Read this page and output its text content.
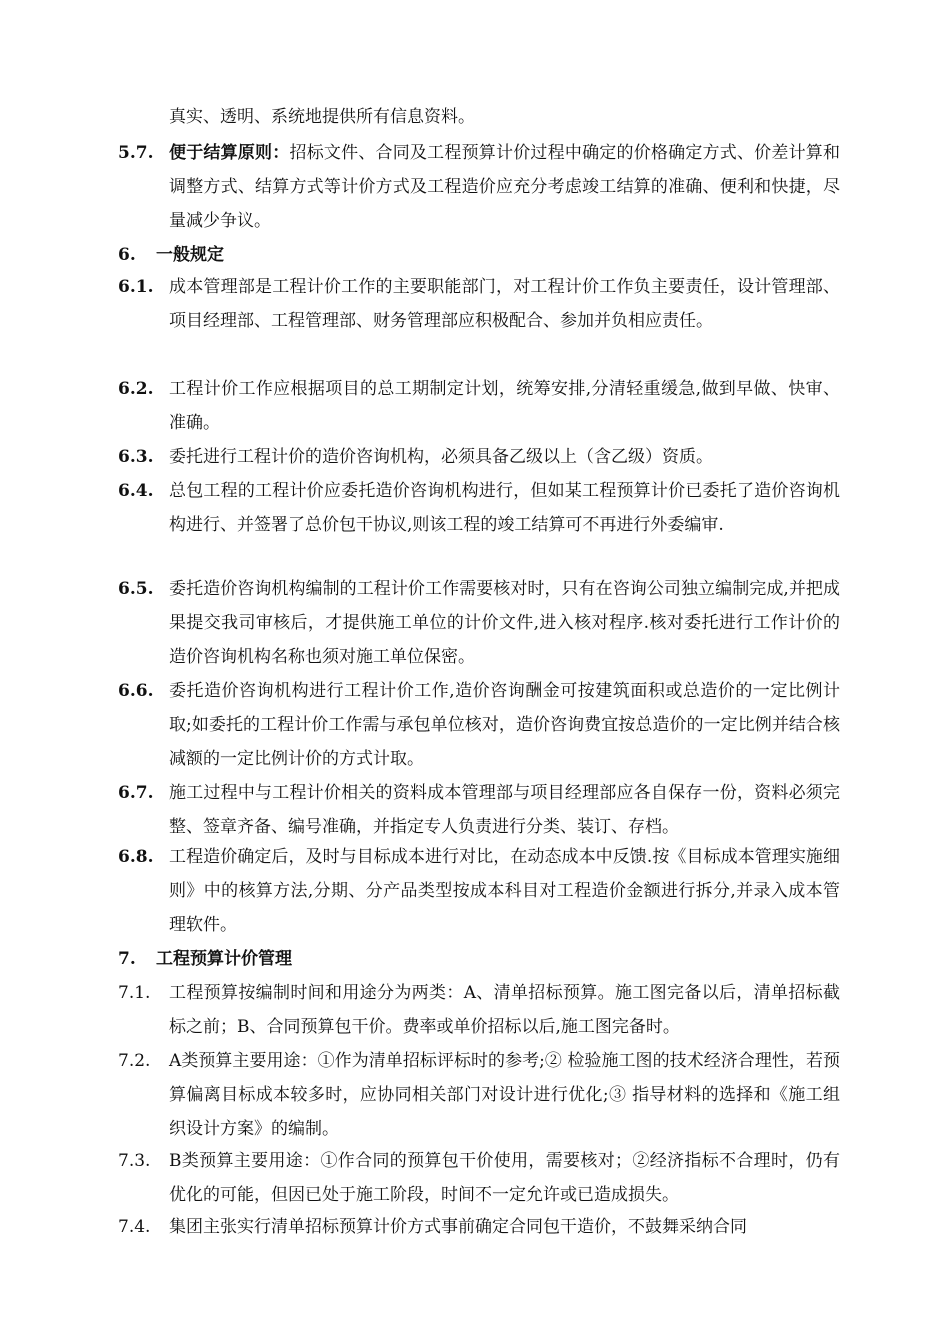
真实、透明、系统地提供所有信息资料。
5.7. 便于结算原则：招标文件、合同及工程预算计价过程中确定的价格确定方式、价差计算和调整方式、结算方式等计价方式及工程造价应充分考虑竣工结算的准确、便利和快捷，尽量减少争议。
6.	一般规定
6.1. 成本管理部是工程计价工作的主要职能部门，对工程计价工作负主要责任，设计管理部、项目经理部、工程管理部、财务管理部应积极配合、参加并负相应责任。
6.2. 工程计价工作应根据项目的总工期制定计划，统筹安排,分清轻重缓急,做到早做、快审、准确。
6.3. 委托进行工程计价的造价咨询机构，必须具备乙级以上（含乙级）资质。
6.4. 总包工程的工程计价应委托造价咨询机构进行，但如某工程预算计价已委托了造价咨询机构进行、并签署了总价包干协议,则该工程的竣工结算可不再进行外委编审.
6.5. 委托造价咨询机构编制的工程计价工作需要核对时，只有在咨询公司独立编制完成,并把成果提交我司审核后，才提供施工单位的计价文件,进入核对程序.核对委托进行工作计价的造价咨询机构名称也须对施工单位保密。
6.6. 委托造价咨询机构进行工程计价工作,造价咨询酬金可按建筑面积或总造价的一定比例计取;如委托的工程计价工作需与承包单位核对，造价咨询费宜按总造价的一定比例并结合核减额的一定比例计价的方式计取。
6.7. 施工过程中与工程计价相关的资料成本管理部与项目经理部应各自保存一份，资料必须完整、签章齐备、编号准确，并指定专人负责进行分类、装订、存档。
6.8. 工程造价确定后，及时与目标成本进行对比，在动态成本中反馈.按《目标成本管理实施细则》中的核算方法,分期、分产品类型按成本科目对工程造价金额进行拆分,并录入成本管理软件。
7.	工程预算计价管理
7.1.	工程预算按编制时间和用途分为两类：A、清单招标预算。施工图完备以后，清单招标截标之前；B、合同预算包干价。费率或单价招标以后,施工图完备时。
7.2.	A类预算主要用途：①作为清单招标评标时的参考;② 检验施工图的技术经济合理性，若预算偏离目标成本较多时，应协同相关部门对设计进行优化;③ 指导材料的选择和《施工组织设计方案》的编制。
7.3.	B类预算主要用途：①作合同的预算包干价使用，需要核对；②经济指标不合理时，仍有优化的可能，但因已处于施工阶段，时间不一定允许或已造成损失。
7.4.	集团主张实行清单招标预算计价方式事前确定合同包干造价，不鼓舞采纳合同
